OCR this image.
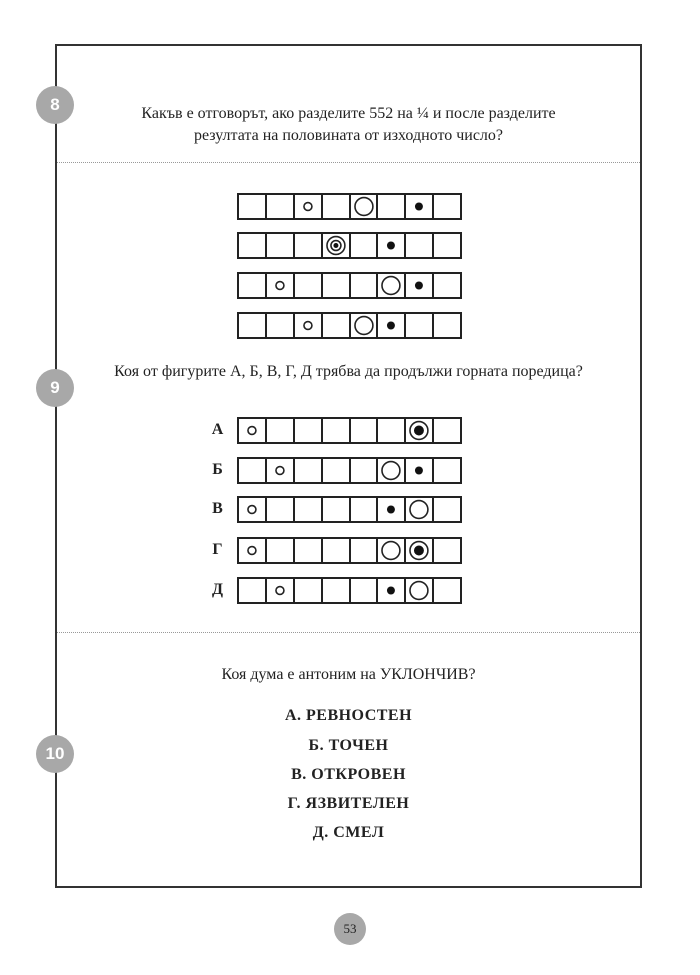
8	Какъв е отговорът, ако разделите 552 на ¼ и после разделите
резултата на половината от изходното число?
9
Коя от фигурите А, Б, В, Г, Д трябва да продължи горната поредица?
А
Б
В
Г
Д
Коя дума е антоним на УКЛОНЧИВ?
А. РЕВНОСТЕН
Б. ТОЧЕН
В. ОТКРОВЕН
Г. ЯЗВИТЕЛЕН
Д. СМЕЛ
10
53
